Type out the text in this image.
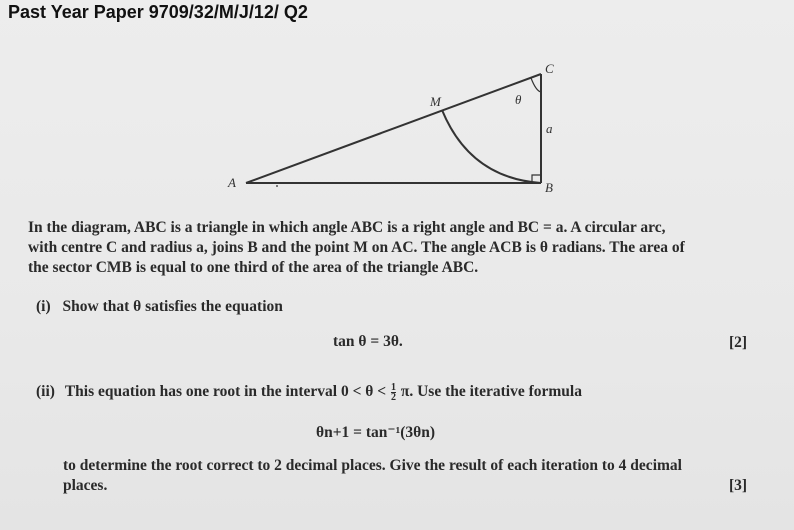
Past Year Paper 9709/32/M/J/12/ Q2
A	B
C
M	θ
a
In the diagram, ABC is a triangle in which angle ABC is a right angle and BC = a. A circular arc,
with centre C and radius a, joins B and the point M on AC. The angle ACB is θ radians. The area of
the sector CMB is equal to one third of the area of the triangle ABC.
(i) Show that θ satisfies the equation
tan θ = 3θ.	[2]
(ii) This equation has one root in the interval $0 < \theta < \frac{1}{2} \pi$. Use the iterative formula
θn+1 = tan⁻¹(3θn)
to determine the root correct to 2 decimal places. Give the result of each iteration to 4 decimal
places.	[3]
